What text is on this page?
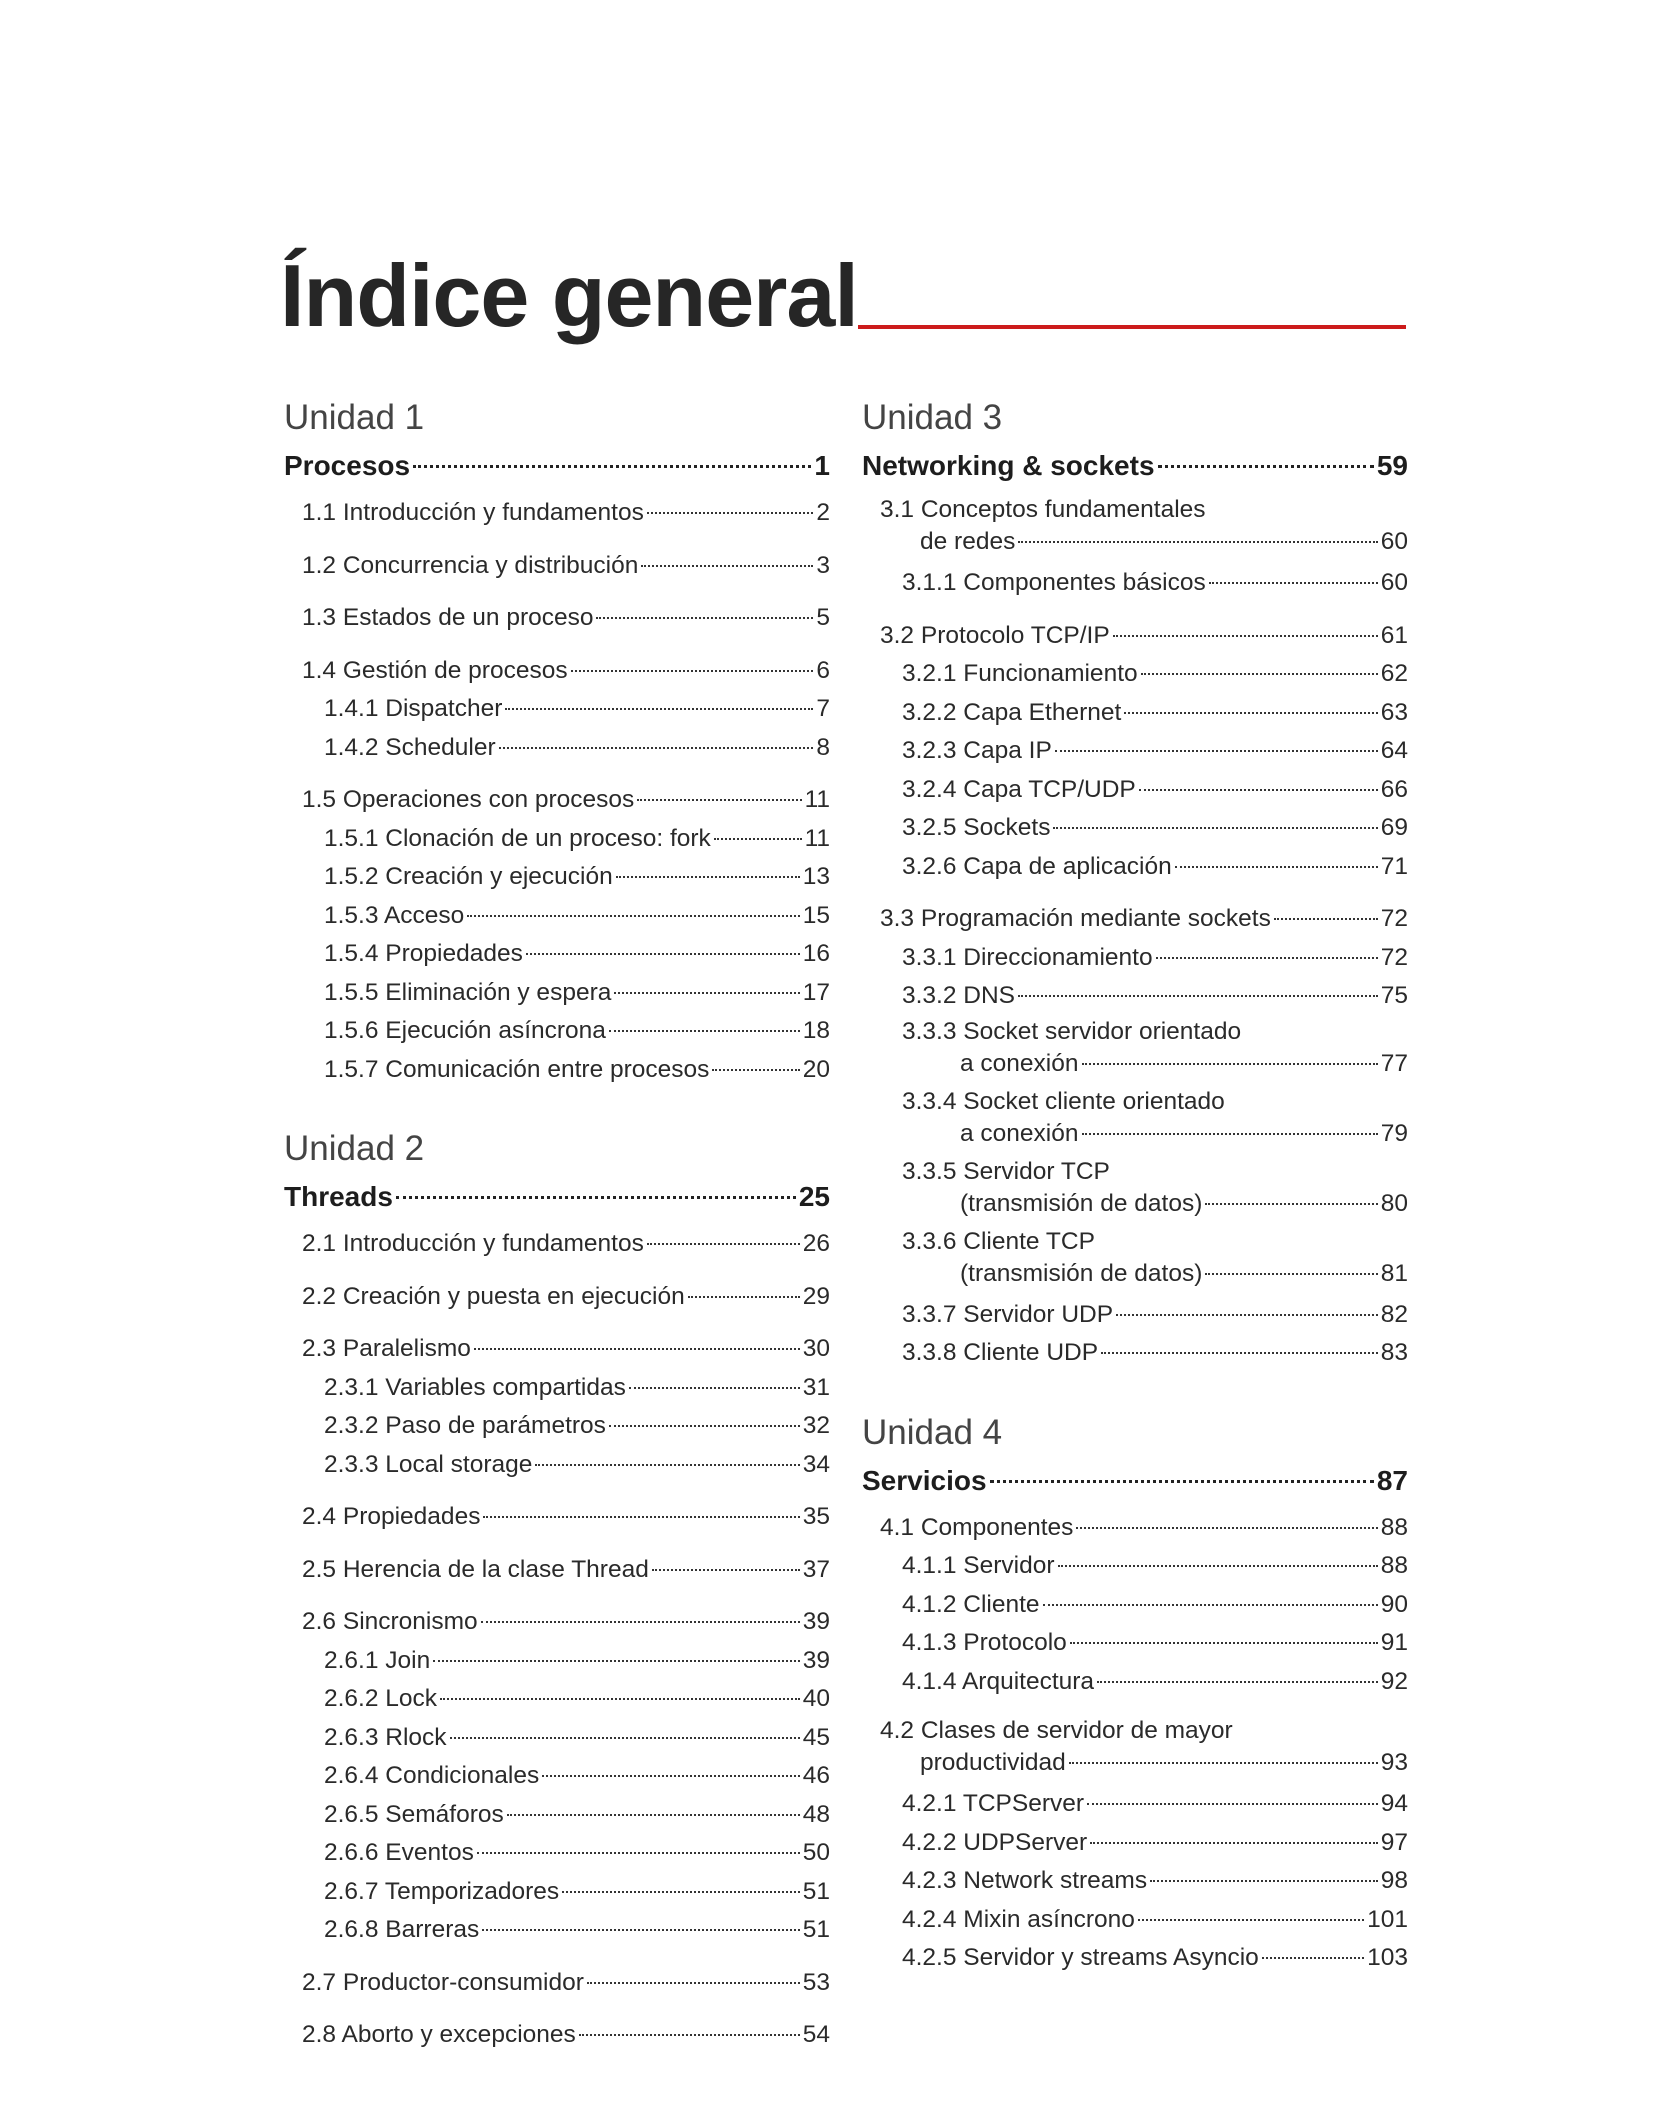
Índice general
Unidad 1
Procesos	1
1.1 Introducción y fundamentos	2
1.2 Concurrencia y distribución	3
1.3 Estados de un proceso	5
1.4 Gestión de procesos	6
1.4.1 Dispatcher	7
1.4.2 Scheduler	8
1.5 Operaciones con procesos	11
1.5.1 Clonación de un proceso: fork	11
1.5.2 Creación y ejecución	13
1.5.3 Acceso	15
1.5.4 Propiedades	16
1.5.5 Eliminación y espera	17
1.5.6 Ejecución asíncrona	18
1.5.7 Comunicación entre procesos	20
Unidad 2
Threads	25
2.1 Introducción y fundamentos	26
2.2 Creación y puesta en ejecución	29
2.3 Paralelismo	30
2.3.1 Variables compartidas	31
2.3.2 Paso de parámetros	32
2.3.3 Local storage	34
2.4 Propiedades	35
2.5 Herencia de la clase Thread	37
2.6 Sincronismo	39
2.6.1 Join	39
2.6.2 Lock	40
2.6.3 Rlock	45
2.6.4 Condicionales	46
2.6.5 Semáforos	48
2.6.6 Eventos	50
2.6.7 Temporizadores	51
2.6.8 Barreras	51
2.7 Productor-consumidor	53
2.8 Aborto y excepciones	54
Unidad 3
Networking & sockets	59
3.1 Conceptos fundamentales
de redes	60
3.1.1 Componentes básicos	60
3.2 Protocolo TCP/IP	61
3.2.1 Funcionamiento	62
3.2.2 Capa Ethernet	63
3.2.3 Capa IP	64
3.2.4 Capa TCP/UDP	66
3.2.5 Sockets	69
3.2.6 Capa de aplicación	71
3.3 Programación mediante sockets	72
3.3.1 Direccionamiento	72
3.3.2 DNS	75
3.3.3 Socket servidor orientado
a conexión	77
3.3.4 Socket cliente orientado
a conexión	79
3.3.5 Servidor TCP
(transmisión de datos)	80
3.3.6 Cliente TCP
(transmisión de datos)	81
3.3.7 Servidor UDP	82
3.3.8 Cliente UDP	83
Unidad 4
Servicios	87
4.1 Componentes	88
4.1.1 Servidor	88
4.1.2 Cliente	90
4.1.3 Protocolo	91
4.1.4 Arquitectura	92
4.2 Clases de servidor de mayor
productividad	93
4.2.1 TCPServer	94
4.2.2 UDPServer	97
4.2.3 Network streams	98
4.2.4 Mixin asíncrono	101
4.2.5 Servidor y streams Asyncio	103
